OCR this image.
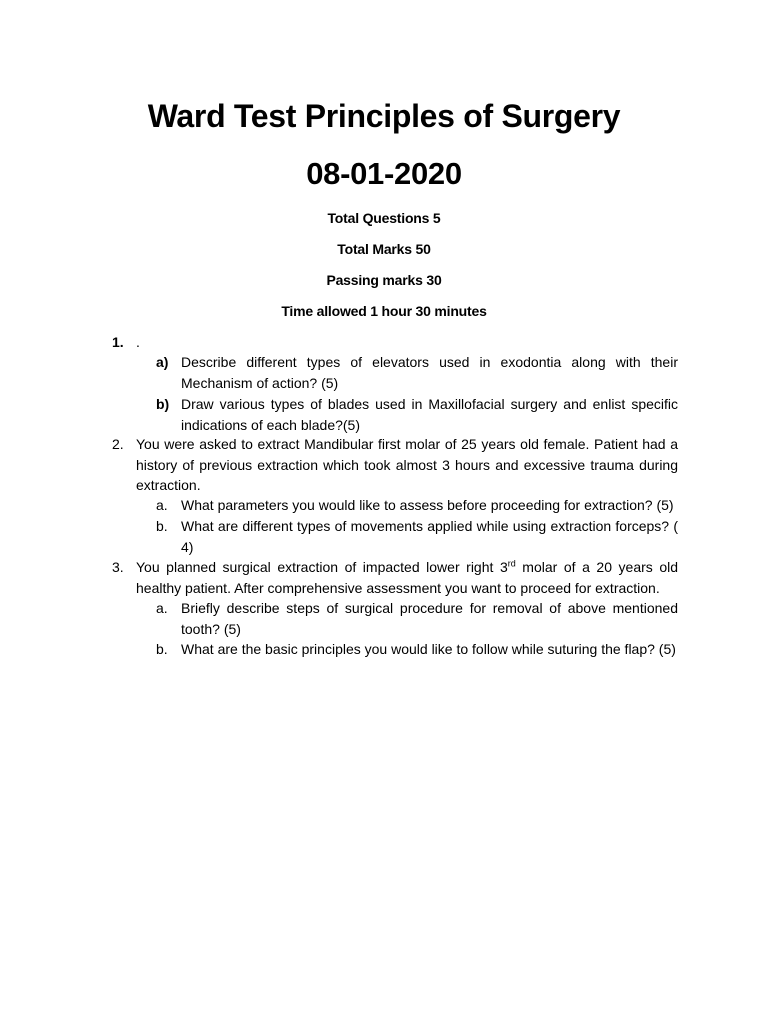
Ward Test Principles of Surgery
08-01-2020
Total Questions 5
Total Marks 50
Passing marks 30
Time allowed 1 hour 30 minutes
1. .
a) Describe different types of elevators used in exodontia along with their Mechanism of action? (5)
b) Draw various types of blades used in Maxillofacial surgery and enlist specific indications of each blade?(5)
2. You were asked to extract Mandibular first molar of 25 years old female. Patient had a history of previous extraction which took almost 3 hours and excessive trauma during extraction.
a. What parameters you would like to assess before proceeding for extraction? (5)
b. What are different types of movements applied while using extraction forceps? ( 4)
3. You planned surgical extraction of impacted lower right 3rd molar of a 20 years old healthy patient. After comprehensive assessment you want to proceed for extraction.
a. Briefly describe steps of surgical procedure for removal of above mentioned tooth? (5)
b. What are the basic principles you would like to follow while suturing the flap? (5)
